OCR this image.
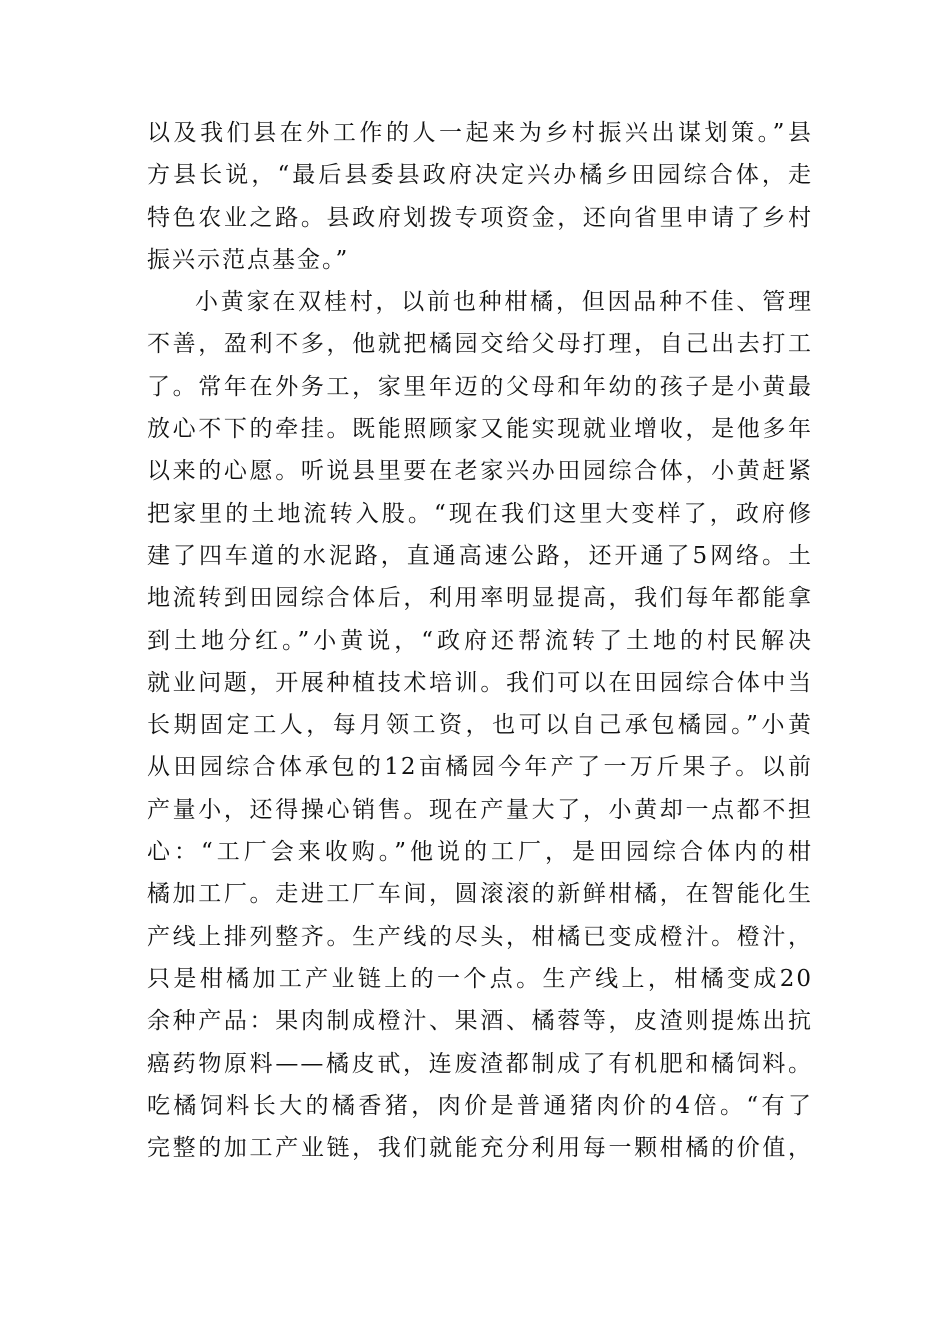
以及我们县在外工作的人一起来为乡村振兴出谋划策。”县
方县长说，“最后县委县政府决定兴办橘乡田园综合体，走
特色农业之路。县政府划拨专项资金，还向省里申请了乡村
振兴示范点基金。”
小黄家在双桂村，以前也种柑橘，但因品种不佳、管理
不善，盈利不多，他就把橘园交给父母打理，自己出去打工
了。常年在外务工，家里年迈的父母和年幼的孩子是小黄最
放心不下的牵挂。既能照顾家又能实现就业增收，是他多年
以来的心愿。听说县里要在老家兴办田园综合体，小黄赶紧
把家里的土地流转入股。“现在我们这里大变样了，政府修
建了四车道的水泥路，直通高速公路，还开通了5网络。土
地流转到田园综合体后，利用率明显提高，我们每年都能拿
到土地分红。”小黄说，“政府还帮流转了土地的村民解决
就业问题，开展种植技术培训。我们可以在田园综合体中当
长期固定工人，每月领工资，也可以自己承包橘园。”小黄
从田园综合体承包的12亩橘园今年产了一万斤果子。以前
产量小，还得操心销售。现在产量大了，小黄却一点都不担
心：“工厂会来收购。”他说的工厂，是田园综合体内的柑
橘加工厂。走进工厂车间，圆滚滚的新鲜柑橘，在智能化生
产线上排列整齐。生产线的尽头，柑橘已变成橙汁。橙汁，
只是柑橘加工产业链上的一个点。生产线上，柑橘变成20
余种产品：果肉制成橙汁、果酒、橘蓉等，皮渣则提炼出抗
癌药物原料——橘皮甙，连废渣都制成了有机肥和橘饲料。
吃橘饲料长大的橘香猪，肉价是普通猪肉价的4倍。“有了
完整的加工产业链，我们就能充分利用每一颗柑橘的价值，
